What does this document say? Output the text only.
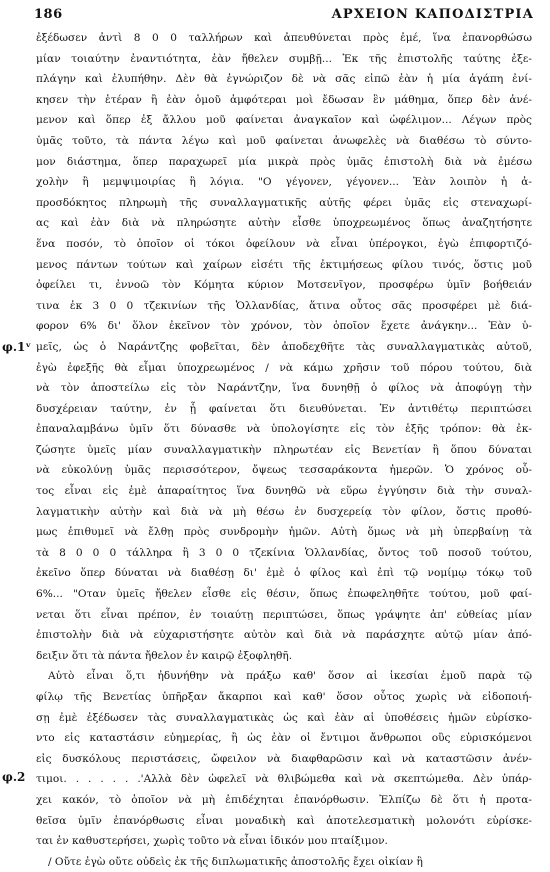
186	ΑΡΧΕΙΟΝ ΚΑΠΟΔΙΣΤΡΙΑ
φ.1ᵛ
φ.2
ἐξέδωσεν ἀντὶ 8 0 0 ταλλήρων καὶ ἀπευθύνεται πρὸς ἐμέ, ἵνα ἐπανορθώσω
μίαν τοιαύτην ἐναντιότητα, ἐὰν ἤθελεν συμβῇ... Ἐκ τῆς ἐπιστολῆς ταύτης ἐξε-
πλάγην καὶ ἐλυπήθην. Δὲν θὰ ἐγνώριζον δὲ νὰ σᾶς εἰπῶ ἐὰν ἡ μία ἀγάπη ἐνί-
κησεν τὴν ἑτέραν ἢ ἐὰν ὁμοῦ ἀμφότεραι μοὶ ἔδωσαν ἓν μάθημα, ὅπερ δὲν ἀνέ-
μενον καὶ ὅπερ ἐξ ἄλλου μοῦ φαίνεται ἀναγκαῖον καὶ ὠφέλιμον... Λέγων πρὸς
ὑμᾶς τοῦτο, τὰ πάντα λέγω καὶ μοῦ φαίνεται ἀνωφελὲς νὰ διαθέσω τὸ σύντο-
μον διάστημα, ὅπερ παραχωρεῖ μία μικρὰ πρὸς ὑμᾶς ἐπιστολὴ διὰ νὰ ἐμέσω
χολὴν ἢ μεμψιμοιρίας ἢ λόγια. "Ο γέγονεν, γέγονεν... Ἐὰν λοιπὸν ἡ ἀ-
προσδόκητος πληρωμὴ τῆς συναλλαγματικῆς αὐτῆς φέρει ὑμᾶς εἰς στεναχωρί-
ας καὶ ἐὰν διὰ νὰ πληρώσητε αὐτὴν εἶσθε ὑποχρεωμένος ὅπως ἀναζητήσητε
ἕνα ποσόν, τὸ ὁποῖον οἱ τόκοι ὀφείλουν νὰ εἶναι ὑπέρογκοι, ἐγὼ ἐπιφορτιζό-
μενος πάντων τούτων καὶ χαίρων εἰσέτι τῆς ἐκτιμήσεως φίλου τινός, ὅστις μοῦ
ὀφείλει τι, ἐννοῶ τὸν Κόμητα κύριον Μοτσενῖγον, προσφέρω ὑμῖν βοήθειάν
τινα ἐκ 3 0 0 τζεκινίων τῆς Ὁλλανδίας, ἅτινα οὗτος σᾶς προσφέρει μὲ διά-
φορον 6% δι' ὅλον ἐκεῖνον τὸν χρόνον, τὸν ὁποῖον ἔχετε ἀνάγκην... Ἐὰν ὑ-
μεῖς, ὡς ὁ Ναράντζης φοβεῖται, δὲν ἀποδεχθῆτε τὰς συναλλαγματικὰς αὐτοῦ,
ἐγὼ ἐφεξῆς θὰ εἶμαι ὑποχρεωμένος / νὰ κάμω χρῆσιν τοῦ πόρου τούτου, διὰ
νὰ τὸν ἀποστείλω εἰς τὸν Ναράντζην, ἵνα δυνηθῇ ὁ φίλος νὰ ἀποφύγῃ τὴν
δυσχέρειαν ταύτην, ἐν ᾗ φαίνεται ὅτι διευθύνεται. Ἐν ἀντιθέτῳ περιπτώσει
ἐπαναλαμβάνω ὑμῖν ὅτι δύνασθε νὰ ὑπολογίσητε εἰς τὸν ἑξῆς τρόπον: θὰ ἐκ-
ζώσητε ὑμεῖς μίαν συναλλαγματικὴν πληρωτέαν εἰς Βενετίαν ἢ ὅπου δύναται
νὰ εὐκολύνῃ ὑμᾶς περισσότερον, ὄψεως τεσσαράκοντα ἡμερῶν. Ὁ χρόνος οὗ-
τος εἶναι εἰς ἐμὲ ἀπαραίτητος ἵνα δυνηθῶ νὰ εὕρω ἐγγύησιν διὰ τὴν συναλ-
λαγματικὴν αὐτὴν καὶ διὰ νὰ μὴ θέσω ἐν δυσχερείᾳ τὸν φίλον, ὅστις προθύ-
μως ἐπιθυμεῖ νὰ ἔλθῃ πρὸς συνδρομὴν ἡμῶν. Αὐτὴ ὅμως νὰ μὴ ὑπερβαίνῃ τὰ
τὰ 8 0 0 0 τάλληρα ἢ 3 0 0 τζεκίνια Ὁλλανδίας, ὄντος τοῦ ποσοῦ τούτου,
ἐκεῖνο ὅπερ δύναται νὰ διαθέσῃ δι' ἐμὲ ὁ φίλος καὶ ἐπὶ τῷ νομίμῳ τόκῳ τοῦ
6%... "Οταν ὑμεῖς ἤθελεν εἶσθε εἰς θέσιν, ὅπως ἐπωφεληθῆτε τούτου, μοῦ φαί-
νεται ὅτι εἶναι πρέπον, ἐν τοιαύτῃ περιπτώσει, ὅπως γράψητε ἀπ' εὐθείας μίαν
ἐπιστολὴν διὰ νὰ εὐχαριστήσητε αὐτὸν καὶ διὰ νὰ παράσχητε αὐτῷ μίαν ἀπό-
δειξιν ὅτι τὰ πάντα ἤθελον ἐν καιρῷ ἐξοφληθῆ.
Αὐτὸ εἶναι ὅ,τι ἠδυνήθην νὰ πράξω καθ' ὅσον αἱ ἱκεσίαι ἐμοῦ παρὰ τῷ
φίλῳ τῆς Βενετίας ὑπῆρξαν ἄκαρποι καὶ καθ' ὅσον οὗτος χωρὶς νὰ εἰδοποιή-
σῃ ἐμὲ ἐξέδωσεν τὰς συναλλαγματικὰς ὡς καὶ ἐὰν αἱ ὑποθέσεις ἡμῶν εὑρίσκο-
ντο εἰς καταστάσιν εὐημερίας, ἢ ὡς ἐὰν οἱ ἔντιμοι ἄνθρωποι οὓς εὑρισκόμενοι
εἰς δυσκόλους περιστάσεις, ὤφειλον νὰ διαφθαρῶσιν καὶ νὰ καταστῶσιν ἀνέν-
τιμοι. . . . . . .'Αλλὰ δὲν ὠφελεῖ νὰ θλιβώμεθα καὶ νὰ σκεπτώμεθα. Δὲν ὑπάρ-
χει κακόν, τὸ ὁποῖον νὰ μὴ ἐπιδέχηται ἐπανόρθωσιν. Ἐλπίζω δὲ ὅτι ἡ προτα-
θεῖσα ὑμῖν ἐπανόρθωσις εἶναι μοναδικὴ καὶ ἀποτελεσματικὴ μολονότι εὑρίσκε-
ται ἐν καθυστερήσει, χωρὶς τοῦτο νὰ εἶναι ἰδικόν μου πταίξιμον.
/ Οὔτε ἐγὼ οὔτε οὐδεὶς ἐκ τῆς διπλωματικῆς ἀποστολῆς ἔχει οἰκίαν ἢ
